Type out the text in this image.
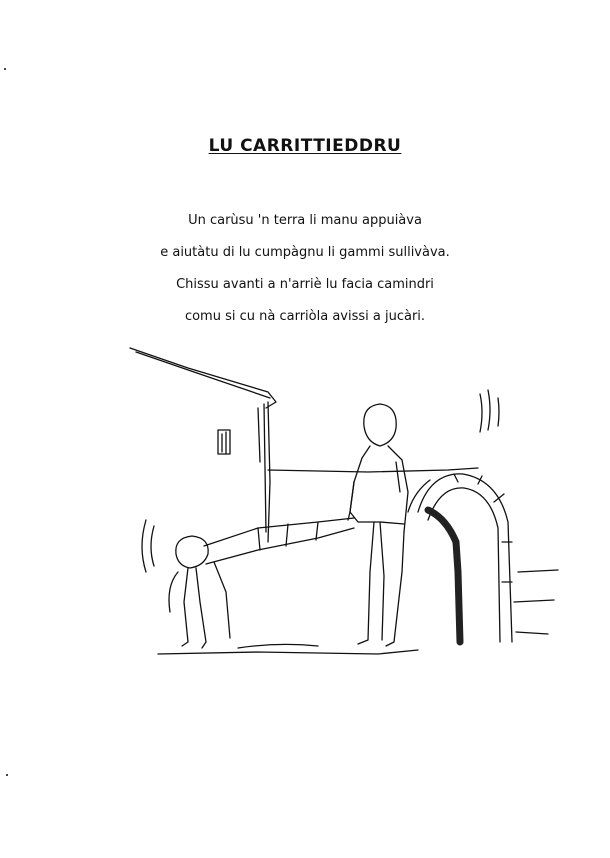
LU CARRITTIEDDRU
Un carùsu 'n terra li manu appuiàva
e aiutàtu di lu cumpàgnu li gammi sullivàva.
Chissu avanti a n'arriè lu facia camindri
comu si cu nà carriòla avissi a jucàri.
